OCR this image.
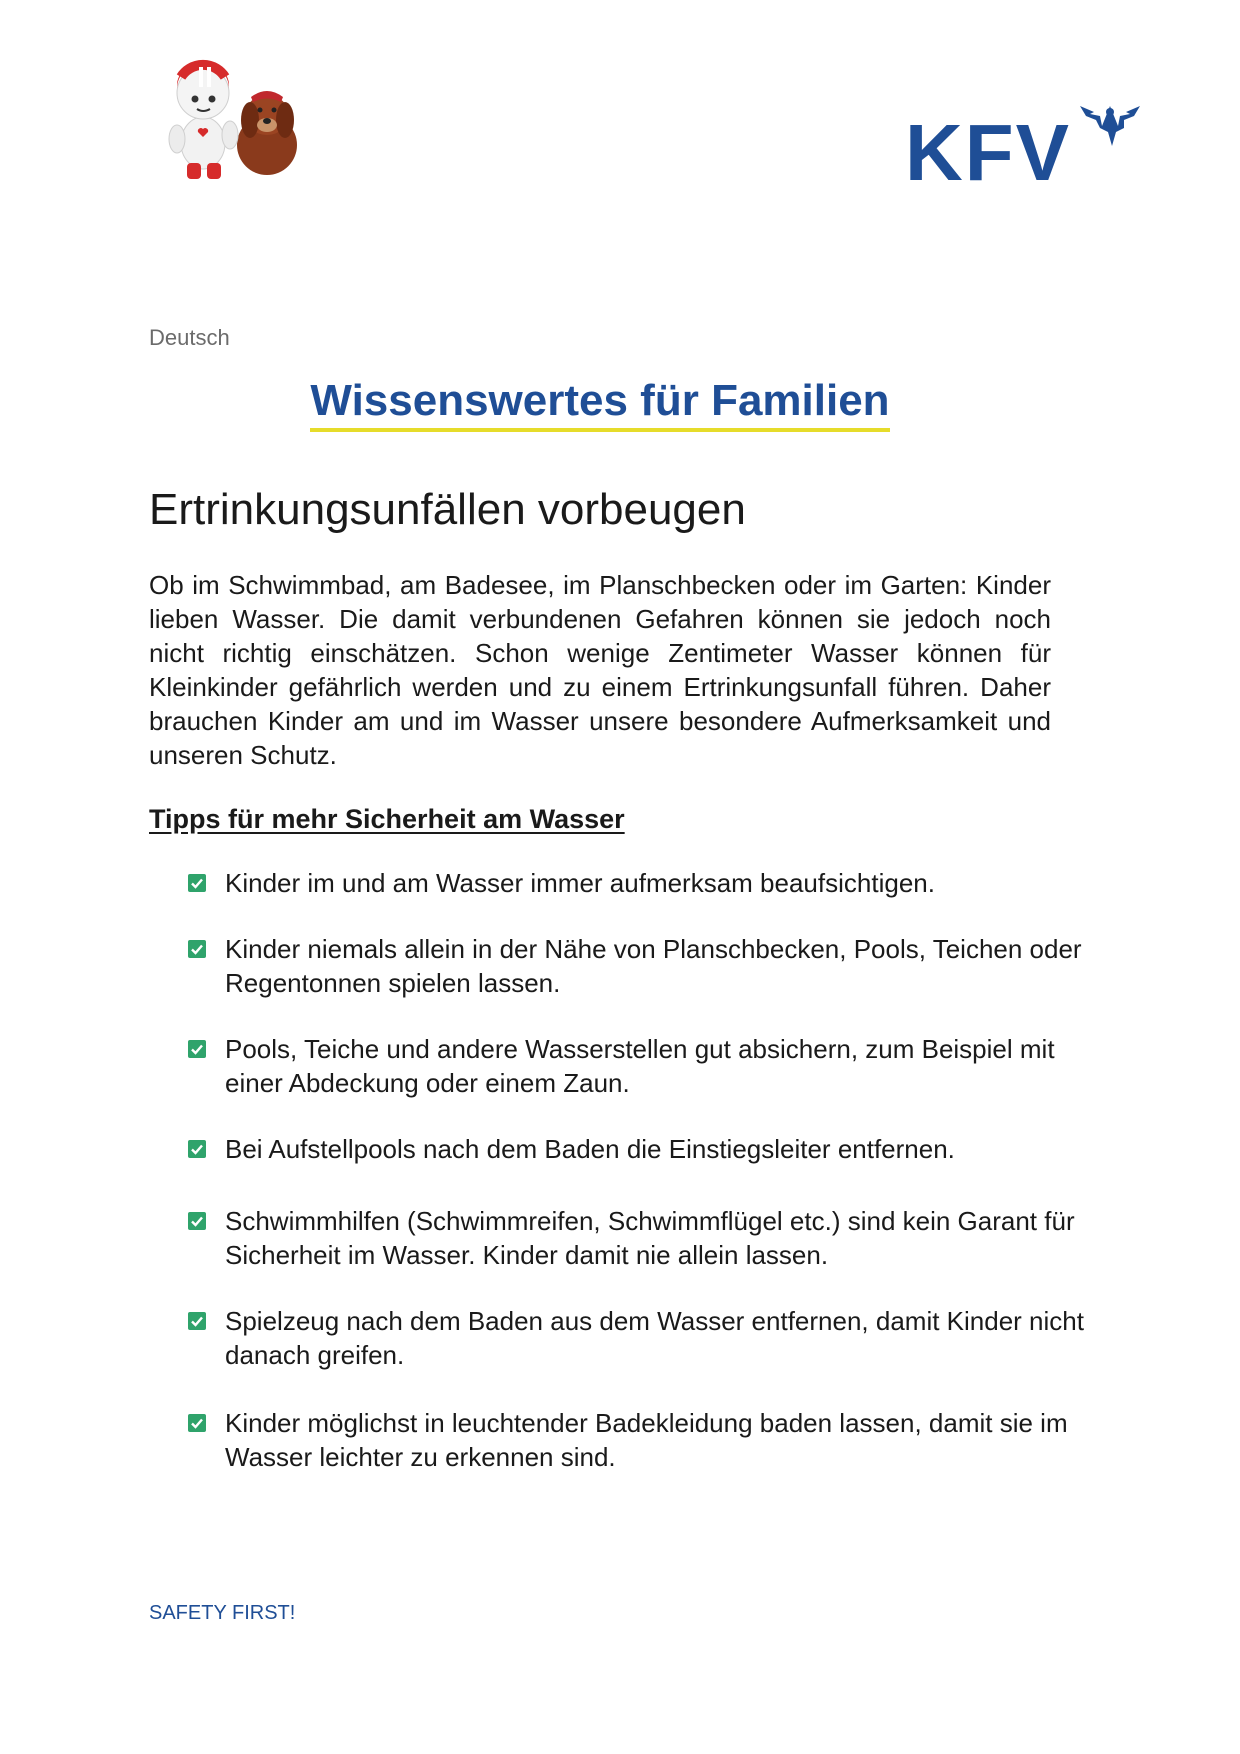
KFV
Deutsch
Wissenswertes für Familien
Ertrinkungsunfällen vorbeugen

Ob im Schwimmbad, am Badesee, im Planschbecken oder im Garten: Kinder lieben Wasser. Die damit verbundenen Gefahren können sie jedoch noch nicht richtig einschätzen. Schon wenige Zentimeter Wasser können für Kleinkinder gefährlich werden und zu einem Ertrinkungsunfall führen. Daher brauchen Kinder am und im Wasser unsere besondere Aufmerksamkeit und unseren Schutz.

Tipps für mehr Sicherheit am Wasser
Kinder im und am Wasser immer aufmerksam beaufsichtigen.
Kinder niemals allein in der Nähe von Planschbecken, Pools, Teichen oder Regentonnen spielen lassen.
Pools, Teiche und andere Wasserstellen gut absichern, zum Beispiel mit einer Abdeckung oder einem Zaun.
Bei Aufstellpools nach dem Baden die Einstiegsleiter entfernen.
Schwimmhilfen (Schwimmreifen, Schwimmflügel etc.) sind kein Garant für Sicherheit im Wasser. Kinder damit nie allein lassen.
Spielzeug nach dem Baden aus dem Wasser entfernen, damit Kinder nicht danach greifen.
Kinder möglichst in leuchtender Badekleidung baden lassen, damit sie im Wasser leichter zu erkennen sind.
SAFETY FIRST!
